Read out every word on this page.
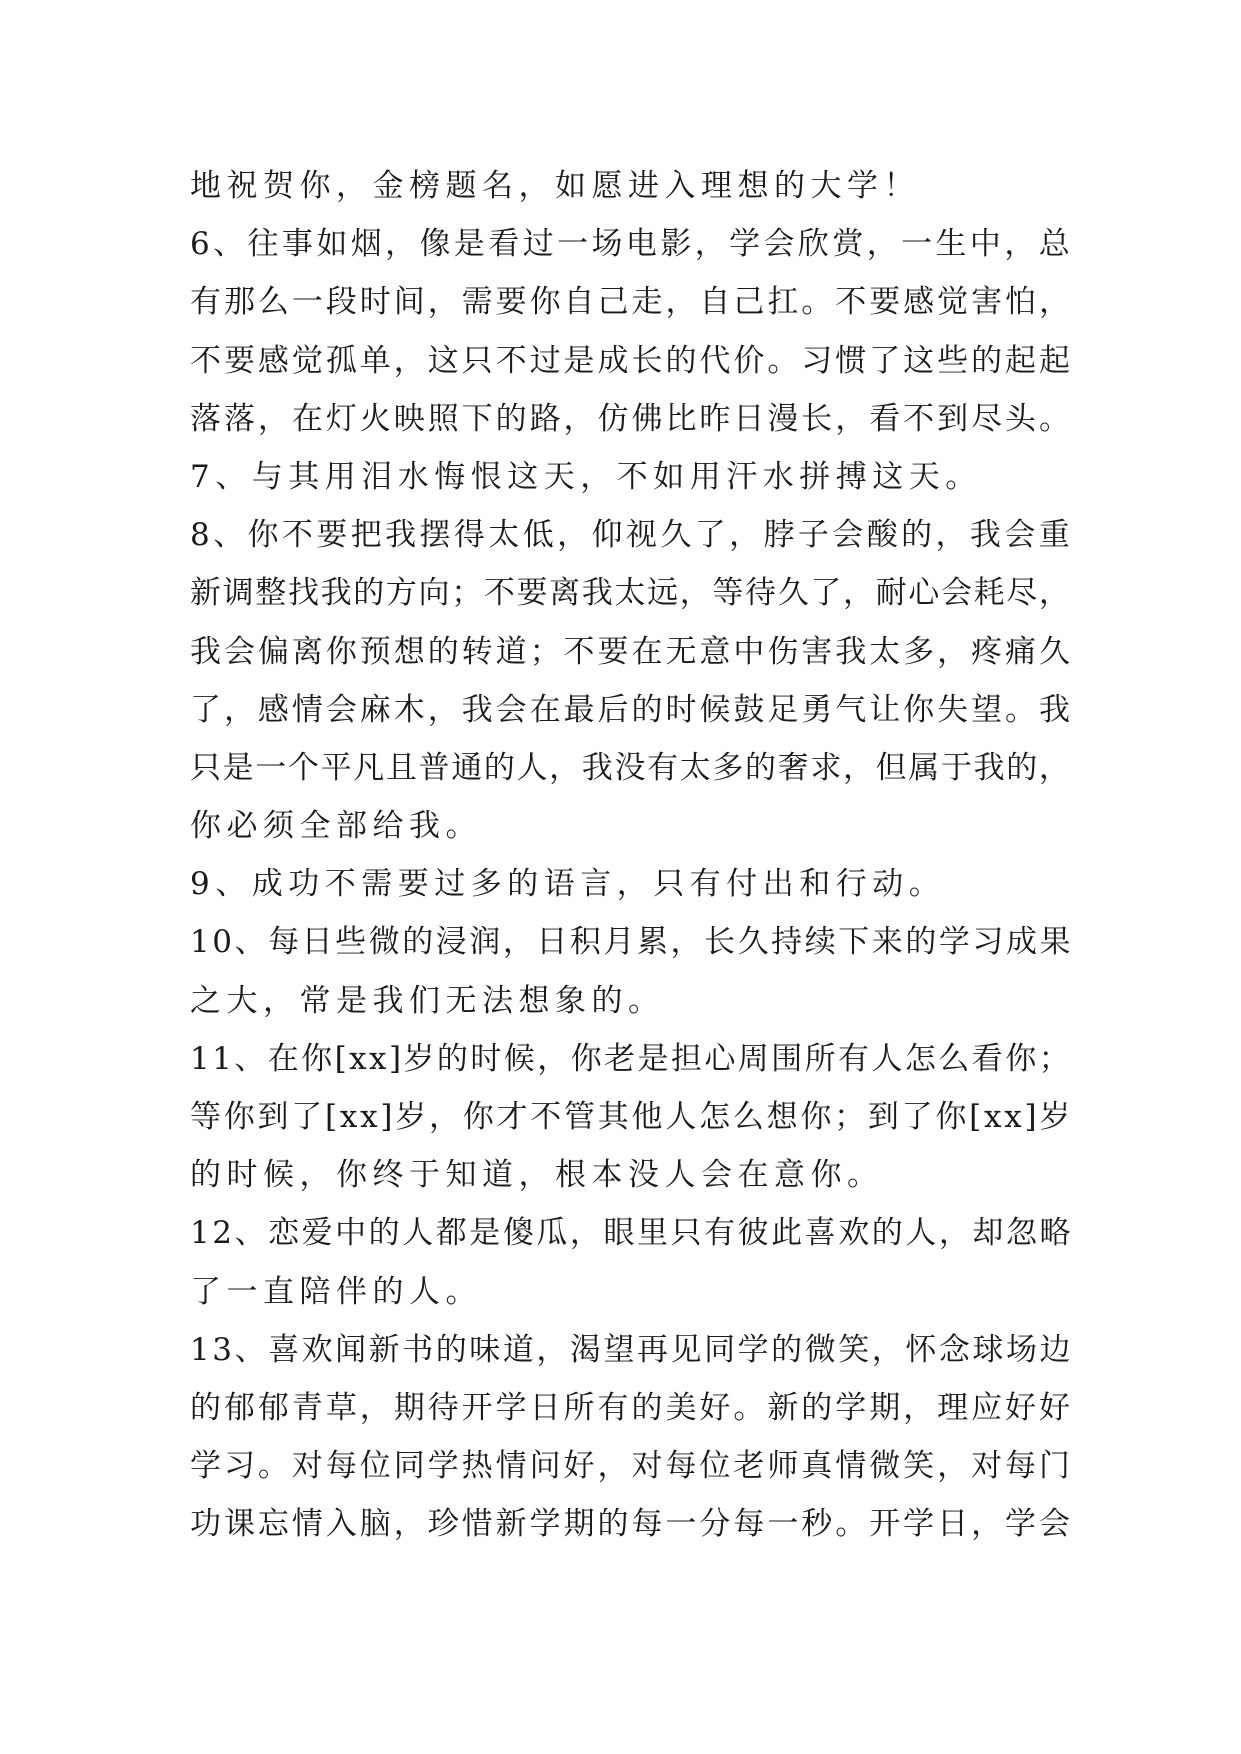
地祝贺你，金榜题名，如愿进入理想的大学！
6、往事如烟，像是看过一场电影，学会欣赏，一生中，总
有那么一段时间，需要你自己走，自己扛。不要感觉害怕，
不要感觉孤单，这只不过是成长的代价。习惯了这些的起起
落落，在灯火映照下的路，仿佛比昨日漫长，看不到尽头。
7、与其用泪水悔恨这天，不如用汗水拼搏这天。
8、你不要把我摆得太低，仰视久了，脖子会酸的，我会重
新调整找我的方向；不要离我太远，等待久了，耐心会耗尽，
我会偏离你预想的转道；不要在无意中伤害我太多，疼痛久
了，感情会麻木，我会在最后的时候鼓足勇气让你失望。我
只是一个平凡且普通的人，我没有太多的奢求，但属于我的，
你必须全部给我。
9、成功不需要过多的语言，只有付出和行动。
10、每日些微的浸润，日积月累，长久持续下来的学习成果
之大，常是我们无法想象的。
11、在你[xx]岁的时候，你老是担心周围所有人怎么看你；
等你到了[xx]岁，你才不管其他人怎么想你；到了你[xx]岁
的时候，你终于知道，根本没人会在意你。
12、恋爱中的人都是傻瓜，眼里只有彼此喜欢的人，却忽略
了一直陪伴的人。
13、喜欢闻新书的味道，渴望再见同学的微笑，怀念球场边
的郁郁青草，期待开学日所有的美好。新的学期，理应好好
学习。对每位同学热情问好，对每位老师真情微笑，对每门
功课忘情入脑，珍惜新学期的每一分每一秒。开学日，学会
